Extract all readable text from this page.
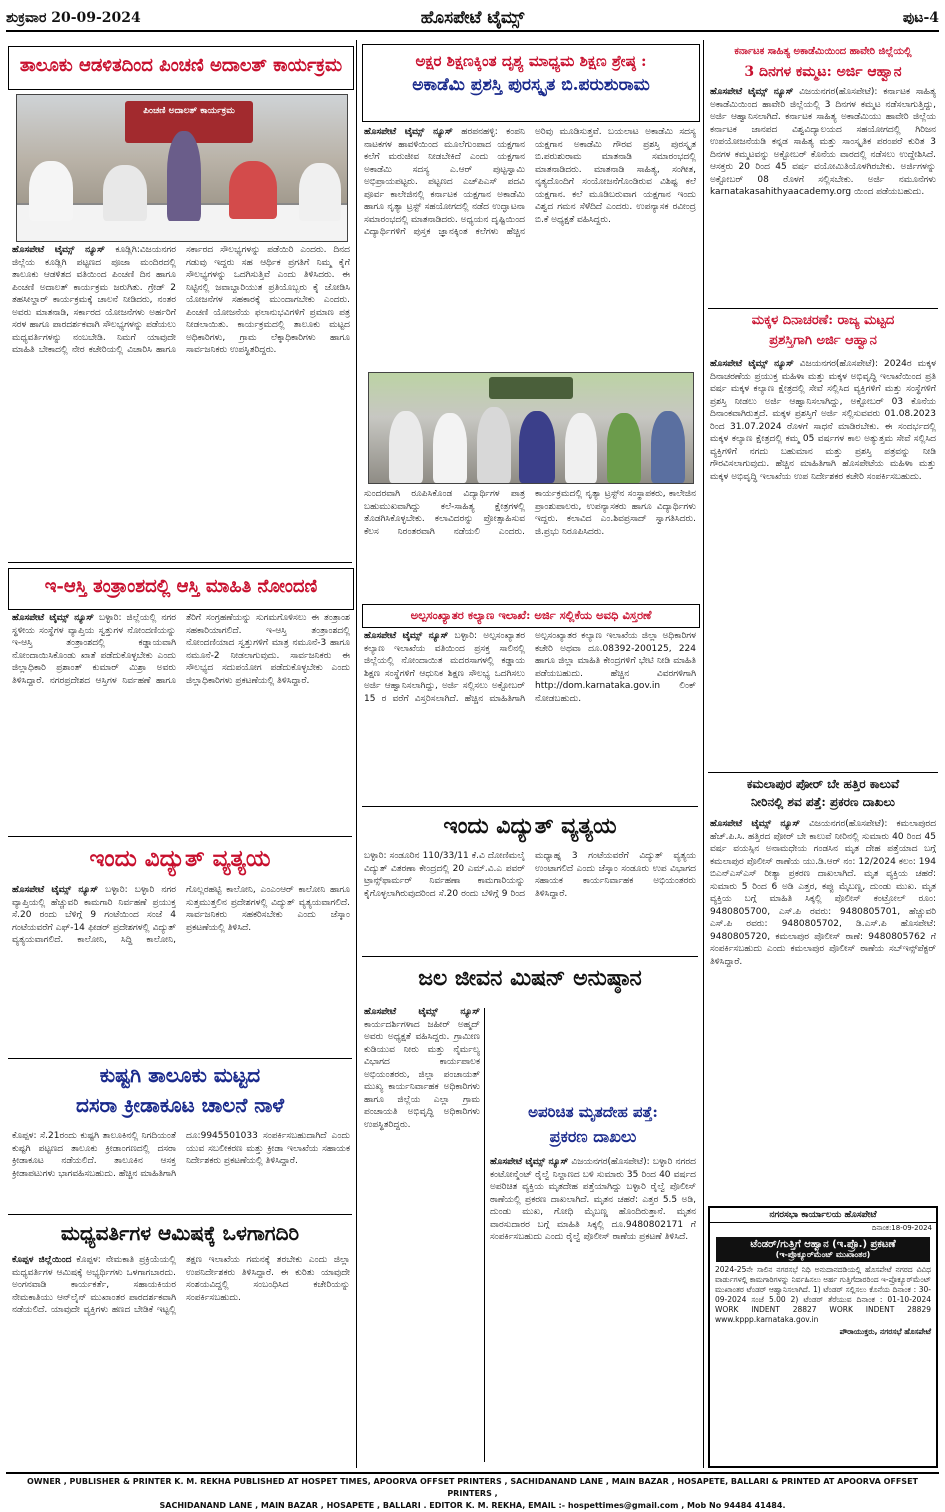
ಶುಕ್ರವಾರ 20-09-2024	ಹೊಸಪೇಟೆ ಟೈಮ್ಸ್	ಪುಟ-4
ತಾಲೂಕು ಆಡಳಿತದಿಂದ ಪಿಂಚಣಿ ಅದಾಲತ್ ಕಾರ್ಯಕ್ರಮ
ಪಿಂಚಣಿ ಅದಾಲತ್ ಕಾರ್ಯಕ್ರಮ
ಹೊಸಪೇಟೆ ಟೈಮ್ಸ್ ನ್ಯೂಸ್ ಕೂಡ್ಲಿಗಿ:ವಿಜಯನಗರ ಜಿಲ್ಲೆಯ ಕೂಡ್ಲಿಗಿ ಪಟ್ಟಣದ ಪೂಜಾ ಮಂದಿರದಲ್ಲಿ ತಾಲೂಕು ಆಡಳಿತದ ವತಿಯಿಂದ ಪಿಂಚಣಿ ದಿನ ಹಾಗೂ ಪಿಂಚಣಿ ಅದಾಲತ್ ಕಾರ್ಯಕ್ರಮ ಜರುಗಿತು. ಗ್ರೇಡ್ 2 ತಹಸೀಲ್ದಾರ್ ಕಾರ್ಯಕ್ರಮಕ್ಕೆ ಚಾಲನೆ ನೀಡಿದರು, ನಂತರ ಅವರು ಮಾತನಾಡಿ, ಸರ್ಕಾರದ ಯೋಜನೆಗಳು ಅರ್ಹರಿಗೆ ಸರಳ ಹಾಗೂ ಪಾರದರ್ಶಕವಾಗಿ ಸೌಲಭ್ಯಗಳನ್ನು ಪಡೆಯಲು ಮಧ್ಯವರ್ತಿಗಳನ್ನು ನಂಬಬೇಡಿ. ನಿಮಗೆ ಯಾವುದೇ ಮಾಹಿತಿ ಬೇಕಾದಲ್ಲಿ ನೇರ ಕಚೇರಿಯಲ್ಲಿ ವಿಚಾರಿಸಿ ಹಾಗೂ ಸರ್ಕಾರದ ಸೌಲಭ್ಯಗಳನ್ನು ಪಡೆಯಿರಿ ಎಂದರು. ದಿನದ ಗಡುವು ಇದ್ದರು ಸಹ ಆರ್ಥಿಕ ಪ್ರಗತಿಗೆ ನಿಮ್ಮ ಕೈಗೆ ಸೌಲಭ್ಯಗಳನ್ನು ಒದಗಿಸುತ್ತಿವೆ ಎಂದು ತಿಳಿಸಿದರು. ಈ ನಿಟ್ಟಿನಲ್ಲಿ ಜವಾಬ್ದಾರಿಯುತ ಪ್ರತಿಯೊಬ್ಬರು ಕೈ ಜೋಡಿಸಿ ಯೋಜನೆಗಳ ಸಹಕಾರಕ್ಕೆ ಮುಂದಾಗಬೇಕು ಎಂದರು. ಪಿಂಚಣಿ ಯೋಜನೆಯ ಫಲಾನುಭವಿಗಳಿಗೆ ಪ್ರಮಾಣ ಪತ್ರ ನೀಡಲಾಯಿತು. ಕಾರ್ಯಕ್ರಮದಲ್ಲಿ ತಾಲೂಕು ಮಟ್ಟದ ಅಧಿಕಾರಿಗಳು, ಗ್ರಾಮ ಲೆಕ್ಕಾಧಿಕಾರಿಗಳು ಹಾಗೂ ಸಾರ್ವಜನಿಕರು ಉಪಸ್ಥಿತರಿದ್ದರು.
ಇ-ಆಸ್ತಿ ತಂತ್ರಾಂಶದಲ್ಲಿ ಆಸ್ತಿ ಮಾಹಿತಿ ನೋಂದಣಿ
ಹೊಸಪೇಟೆ ಟೈಮ್ಸ್ ನ್ಯೂಸ್ ಬಳ್ಳಾರಿ: ಜಿಲ್ಲೆಯಲ್ಲಿ ನಗರ ಸ್ಥಳೀಯ ಸಂಸ್ಥೆಗಳ ವ್ಯಾಪ್ತಿಯ ಸ್ವತ್ತುಗಳ ನೋಂದಣಿಯನ್ನು ಇ-ಆಸ್ತಿ ತಂತ್ರಾಂಶದಲ್ಲಿ ಕಡ್ಡಾಯವಾಗಿ ನೋಂದಾಯಿಸಿಕೊಂಡು ಖಾತೆ ಪಡೆದುಕೊಳ್ಳಬೇಕು ಎಂದು ಜಿಲ್ಲಾಧಿಕಾರಿ ಪ್ರಶಾಂತ್ ಕುಮಾರ್ ಮಿಶ್ರಾ ಅವರು ತಿಳಿಸಿದ್ದಾರೆ. ನಗರಪ್ರದೇಶದ ಆಸ್ತಿಗಳ ನಿರ್ವಹಣೆ ಹಾಗೂ ತೆರಿಗೆ ಸಂಗ್ರಹಣೆಯನ್ನು ಸುಗಮಗೊಳಿಸಲು ಈ ತಂತ್ರಾಂಶ ಸಹಕಾರಿಯಾಗಲಿದೆ. ಇ-ಆಸ್ತಿ ತಂತ್ರಾಂಶದಲ್ಲಿ ನೋಂದಣಿಯಾದ ಸ್ವತ್ತುಗಳಿಗೆ ಮಾತ್ರ ನಮೂನೆ-3 ಹಾಗೂ ನಮೂನೆ-2 ನೀಡಲಾಗುವುದು. ಸಾರ್ವಜನಿಕರು ಈ ಸೌಲಭ್ಯದ ಸದುಪಯೋಗ ಪಡೆದುಕೊಳ್ಳಬೇಕು ಎಂದು ಜಿಲ್ಲಾಧಿಕಾರಿಗಳು ಪ್ರಕಟಣೆಯಲ್ಲಿ ತಿಳಿಸಿದ್ದಾರೆ.
ಇಂದು ವಿದ್ಯುತ್ ವ್ಯತ್ಯಯ
ಹೊಸಪೇಟೆ ಟೈಮ್ಸ್ ನ್ಯೂಸ್ ಬಳ್ಳಾರಿ: ಬಳ್ಳಾರಿ ನಗರ ವ್ಯಾಪ್ತಿಯಲ್ಲಿ ಹೆಚ್ಚುವರಿ ಕಾಮಗಾರಿ ನಿರ್ವಹಣೆ ಪ್ರಯುಕ್ತ ಸೆ.20 ರಂದು ಬೆಳಿಗ್ಗೆ 9 ಗಂಟೆಯಿಂದ ಸಂಜೆ 4 ಗಂಟೆಯವರೆಗೆ ಎಫ್-14 ಫೀಡರ್ ಪ್ರದೇಶಗಳಲ್ಲಿ ವಿದ್ಯುತ್ ವ್ಯತ್ಯಯವಾಗಲಿದೆ. ಕಾಲೋನಿ, ಸಿದ್ದಿ ಕಾಲೋನಿ, ಗೊಲ್ಲರಹಟ್ಟಿ ಕಾಲೋನಿ, ಎಂಎಂಆರ್ ಕಾಲೋನಿ ಹಾಗೂ ಸುತ್ತಮುತ್ತಲಿನ ಪ್ರದೇಶಗಳಲ್ಲಿ ವಿದ್ಯುತ್ ವ್ಯತ್ಯಯವಾಗಲಿದೆ. ಸಾರ್ವಜನಿಕರು ಸಹಕರಿಸಬೇಕು ಎಂದು ಜೆಸ್ಕಾಂ ಪ್ರಕಟಣೆಯಲ್ಲಿ ತಿಳಿಸಿದೆ.
ಕುಷ್ಟಗಿ ತಾಲೂಕು ಮಟ್ಟದ
ದಸರಾ ಕ್ರೀಡಾಕೂಟ ಚಾಲನೆ ನಾಳೆ
ಕೊಪ್ಪಳ: ಸೆ.21ರಂದು ಕುಷ್ಟಗಿ ತಾಲೂಕಿನಲ್ಲಿ ನಿಗದಿಯಂತೆ ಕುಷ್ಟಗಿ ಪಟ್ಟಣದ ತಾಲೂಕು ಕ್ರೀಡಾಂಗಣದಲ್ಲಿ ದಸರಾ ಕ್ರೀಡಾಕೂಟ ನಡೆಯಲಿದೆ. ತಾಲೂಕಿನ ಆಸಕ್ತ ಕ್ರೀಡಾಪಟುಗಳು ಭಾಗವಹಿಸಬಹುದು. ಹೆಚ್ಚಿನ ಮಾಹಿತಿಗಾಗಿ ದೂ:9945501033 ಸಂಪರ್ಕಿಸಬಹುದಾಗಿದೆ ಎಂದು ಯುವ ಸಬಲೀಕರಣ ಮತ್ತು ಕ್ರೀಡಾ ಇಲಾಖೆಯ ಸಹಾಯಕ ನಿರ್ದೇಶಕರು ಪ್ರಕಟಣೆಯಲ್ಲಿ ತಿಳಿಸಿದ್ದಾರೆ.
ಮಧ್ಯವರ್ತಿಗಳ ಆಮಿಷಕ್ಕೆ ಒಳಗಾಗದಿರಿ
ಕೊಪ್ಪಳ ಜಿಲ್ಲೆಯಿಂದ ಕೊಪ್ಪಳ: ನೇಮಕಾತಿ ಪ್ರಕ್ರಿಯೆಯಲ್ಲಿ ಮಧ್ಯವರ್ತಿಗಳ ಆಮಿಷಕ್ಕೆ ಅಭ್ಯರ್ಥಿಗಳು ಒಳಗಾಗಬಾರದು. ಅಂಗನವಾಡಿ ಕಾರ್ಯಕರ್ತೆ, ಸಹಾಯಕಿಯರ ನೇಮಕಾತಿಯು ಆನ್‌ಲೈನ್ ಮುಖಾಂತರ ಪಾರದರ್ಶಕವಾಗಿ ನಡೆಯಲಿದೆ. ಯಾವುದೇ ವ್ಯಕ್ತಿಗಳು ಹಣದ ಬೇಡಿಕೆ ಇಟ್ಟಲ್ಲಿ ತಕ್ಷಣ ಇಲಾಖೆಯ ಗಮನಕ್ಕೆ ತರಬೇಕು ಎಂದು ಜಿಲ್ಲಾ ಉಪನಿರ್ದೇಶಕರು ತಿಳಿಸಿದ್ದಾರೆ. ಈ ಕುರಿತು ಯಾವುದೇ ಸಂಶಯವಿದ್ದಲ್ಲಿ ಸಂಬಂಧಿಸಿದ ಕಚೇರಿಯನ್ನು ಸಂಪರ್ಕಿಸಬಹುದು.
ಅಕ್ಷರ ಶಿಕ್ಷಣಕ್ಕಿಂತ ದೃಶ್ಯ ಮಾಧ್ಯಮ ಶಿಕ್ಷಣ ಶ್ರೇಷ್ಠ :
ಅಕಾಡೆಮಿ ಪ್ರಶಸ್ತಿ ಪುರಸ್ಕೃತ ಬಿ.ಪರುಶುರಾಮ
ಹೊಸಪೇಟೆ ಟೈಮ್ಸ್ ನ್ಯೂಸ್ ಹರಪನಹಳ್ಳಿ: ಕಂಪನಿ ನಾಟಕಗಳ ಹಾವಳಿಯಿಂದ ಮೂಲೆಗುಂಪಾದ ಯಕ್ಷಗಾನ ಕಲೆಗೆ ಮರುಜೀವ ನೀಡಬೇಕಿದೆ ಎಂದು ಯಕ್ಷಗಾನ ಅಕಾಡೆಮಿ ಸದಸ್ಯ ಎ.ಆರ್ ಪುಟ್ಟಸ್ವಾಮಿ ಅಭಿಪ್ರಾಯಪಟ್ಟರು. ಪಟ್ಟಣದ ಎಚ್‌ಪಿಎಸ್ ಪದವಿ ಪೂರ್ವ ಕಾಲೇಜಿನಲ್ಲಿ ಕರ್ನಾಟಕ ಯಕ್ಷಗಾನ ಅಕಾಡೆಮಿ ಹಾಗೂ ನೃತ್ಯಾ ಟ್ರಸ್ಟ್ ಸಹಯೋಗದಲ್ಲಿ ನಡೆದ ಉದ್ಘಾಟನಾ ಸಮಾರಂಭದಲ್ಲಿ ಮಾತನಾಡಿದರು. ಅಧ್ಯಯನ ದೃಷ್ಟಿಯಿಂದ ವಿದ್ಯಾರ್ಥಿಗಳಿಗೆ ಪುಸ್ತಕ ಜ್ಞಾನಕ್ಕಿಂತ ಕಲೆಗಳು ಹೆಚ್ಚಿನ ಅರಿವು ಮೂಡಿಸುತ್ತವೆ. ಬಯಲಾಟ ಅಕಾಡೆಮಿ ಸದಸ್ಯ ಯಕ್ಷಗಾನ ಅಕಾಡೆಮಿ ಗೌರವ ಪ್ರಶಸ್ತಿ ಪುರಸ್ಕೃತ ಬಿ.ಪರುಶುರಾಮ ಮಾತನಾಡಿ ಸಮಾರಂಭದಲ್ಲಿ ಮಾತನಾಡಿದರು. ಮಾತನಾಡಿ ಸಾಹಿತ್ಯ, ಸಂಗೀತ, ನೃತ್ಯದೊಂದಿಗೆ ಸಂಯೋಜನೆಗೊಂಡಿರುವ ವಿಶಿಷ್ಟ ಕಲೆ ಯಕ್ಷಗಾನ. ಕಲೆ ಮೂಡಿಬರುವಾಗ ಯಕ್ಷಗಾನ ಇಂದು ವಿಶ್ವದ ಗಮನ ಸೆಳೆದಿದೆ ಎಂದರು. ಉಪನ್ಯಾಸಕ ರವೀಂದ್ರ ಬಿ.ಕೆ ಅಧ್ಯಕ್ಷತೆ ವಹಿಸಿದ್ದರು.
ಸುಂದರವಾಗಿ ರೂಪಿಸಿಕೊಂಡ ವಿದ್ಯಾರ್ಥಿಗಳ ಪಾತ್ರ ಬಹುಮುಖವಾಗಿದ್ದು ಕಲೆ-ಸಾಹಿತ್ಯ ಕ್ಷೇತ್ರಗಳಲ್ಲಿ ತೊಡಗಿಸಿಕೊಳ್ಳಬೇಕು. ಕಲಾವಿದರನ್ನು ಪ್ರೋತ್ಸಾಹಿಸುವ ಕೆಲಸ ನಿರಂತರವಾಗಿ ನಡೆಯಲಿ ಎಂದರು. ಕಾರ್ಯಕ್ರಮದಲ್ಲಿ ನೃತ್ಯಾ ಟ್ರಸ್ಟ್‌ನ ಸಂಸ್ಥಾಪಕರು, ಕಾಲೇಜಿನ ಪ್ರಾಂಶುಪಾಲರು, ಉಪನ್ಯಾಸಕರು ಹಾಗೂ ವಿದ್ಯಾರ್ಥಿಗಳು ಇದ್ದರು. ಕಲಾವಿದ ಎಂ.ಶಿವಪ್ರಸಾದ್ ಸ್ವಾಗತಿಸಿದರು. ಜಿ.ಪ್ರಭು ನಿರೂಪಿಸಿದರು.
ಅಲ್ಪಸಂಖ್ಯಾತರ ಕಲ್ಯಾಣ ಇಲಾಖೆ: ಅರ್ಜಿ ಸಲ್ಲಿಕೆಯ ಅವಧಿ ವಿಸ್ತರಣೆ
ಹೊಸಪೇಟೆ ಟೈಮ್ಸ್ ನ್ಯೂಸ್ ಬಳ್ಳಾರಿ: ಅಲ್ಪಸಂಖ್ಯಾತರ ಕಲ್ಯಾಣ ಇಲಾಖೆಯ ವತಿಯಿಂದ ಪ್ರಸಕ್ತ ಸಾಲಿನಲ್ಲಿ ಜಿಲ್ಲೆಯಲ್ಲಿ ನೋಂದಾಯಿತ ಮದರಸಾಗಳಲ್ಲಿ ಕಡ್ಡಾಯ ಶಿಕ್ಷಣ ಸಂಸ್ಥೆಗಳಿಗೆ ಆಧುನಿಕ ಶಿಕ್ಷಣ ಸೌಲಭ್ಯ ಒದಗಿಸಲು ಅರ್ಜಿ ಆಹ್ವಾನಿಸಲಾಗಿದ್ದು, ಅರ್ಜಿ ಸಲ್ಲಿಸಲು ಅಕ್ಟೋಬರ್ 15 ರ ವರೆಗೆ ವಿಸ್ತರಿಸಲಾಗಿದೆ. ಹೆಚ್ಚಿನ ಮಾಹಿತಿಗಾಗಿ ಅಲ್ಪಸಂಖ್ಯಾತರ ಕಲ್ಯಾಣ ಇಲಾಖೆಯ ಜಿಲ್ಲಾ ಅಧಿಕಾರಿಗಳ ಕಚೇರಿ ಅಥವಾ ದೂ.08392-200125, 224 ಹಾಗೂ ಜಿಲ್ಲಾ ಮಾಹಿತಿ ಕೇಂದ್ರಗಳಿಗೆ ಭೇಟಿ ನೀಡಿ ಮಾಹಿತಿ ಪಡೆಯಬಹುದು. ಹೆಚ್ಚಿನ ವಿವರಗಳಿಗಾಗಿ http://dom.karnataka.gov.in ಲಿಂಕ್ ನೋಡಬಹುದು.
ಇಂದು ವಿದ್ಯುತ್ ವ್ಯತ್ಯಯ
ಬಳ್ಳಾರಿ: ಸಂಡೂರಿನ 110/33/11 ಕೆ.ವಿ ದೋಣಿಮಲೈ ವಿದ್ಯುತ್ ವಿತರಣಾ ಕೇಂದ್ರದಲ್ಲಿ 20 ಎಮ್.ವಿ.ಎ ಪವರ್ ಟ್ರಾನ್ಸ್‌ಫಾರ್ಮರ್ ನಿರ್ವಹಣಾ ಕಾಮಗಾರಿಯನ್ನು ಕೈಗೊಳ್ಳಲಾಗಿರುವುದರಿಂದ ಸೆ.20 ರಂದು ಬೆಳಿಗ್ಗೆ 9 ರಿಂದ ಮಧ್ಯಾಹ್ನ 3 ಗಂಟೆಯವರೆಗೆ ವಿದ್ಯುತ್ ವ್ಯತ್ಯಯ ಉಂಟಾಗಲಿದೆ ಎಂದು ಜೆಸ್ಕಾಂ ಸಂಡೂರು ಉಪ ವಿಭಾಗದ ಸಹಾಯಕ ಕಾರ್ಯನಿರ್ವಾಹಕ ಅಭಿಯಂತರರು ತಿಳಿಸಿದ್ದಾರೆ.
ಜಲ ಜೀವನ ಮಿಷನ್ ಅನುಷ್ಠಾನ
ಹೊಸಪೇಟೆ ಟೈಮ್ಸ್ ನ್ಯೂಸ್ ಕಾರ್ಯದರ್ಶಿಗಳಾದ ಜಹೀರ್ ಅಹ್ಮದ್ ಅವರು ಅಧ್ಯಕ್ಷತೆ ವಹಿಸಿದ್ದರು. ಗ್ರಾಮೀಣ ಕುಡಿಯುವ ನೀರು ಮತ್ತು ನೈರ್ಮಲ್ಯ ವಿಭಾಗದ ಕಾರ್ಯಪಾಲಕ ಅಭಿಯಂತರರು, ಜಿಲ್ಲಾ ಪಂಚಾಯತ್ ಮುಖ್ಯ ಕಾರ್ಯನಿರ್ವಾಹಕ ಅಧಿಕಾರಿಗಳು ಹಾಗೂ ಜಿಲ್ಲೆಯ ಎಲ್ಲಾ ಗ್ರಾಮ ಪಂಚಾಯತಿ ಅಭಿವೃದ್ಧಿ ಅಧಿಕಾರಿಗಳು ಉಪಸ್ಥಿತರಿದ್ದರು.
ಅಪರಿಚಿತ ಮೃತದೇಹ ಪತ್ತೆ:
ಪ್ರಕರಣ ದಾಖಲು
ಹೊಸಪೇಟೆ ಟೈಮ್ಸ್ ನ್ಯೂಸ್ ವಿಜಯನಗರ(ಹೊಸಪೇಟೆ): ಬಳ್ಳಾರಿ ನಗರದ ಕಂಟೋನ್ಮೆಂಟ್ ರೈಲ್ವೆ ನಿಲ್ದಾಣದ ಬಳಿ ಸುಮಾರು 35 ರಿಂದ 40 ವರ್ಷದ ಅಪರಿಚಿತ ವ್ಯಕ್ತಿಯ ಮೃತದೇಹ ಪತ್ತೆಯಾಗಿದ್ದು ಬಳ್ಳಾರಿ ರೈಲ್ವೆ ಪೊಲೀಸ್ ಠಾಣೆಯಲ್ಲಿ ಪ್ರಕರಣ ದಾಖಲಾಗಿದೆ. ಮೃತನ ಚಹರೆ: ಎತ್ತರ 5.5 ಅಡಿ, ದುಂಡು ಮುಖ, ಗೋಧಿ ಮೈಬಣ್ಣ ಹೊಂದಿರುತ್ತಾನೆ. ಮೃತನ ವಾರಸುದಾರರ ಬಗ್ಗೆ ಮಾಹಿತಿ ಸಿಕ್ಕಲ್ಲಿ ದೂ.9480802171 ಗೆ ಸಂಪರ್ಕಿಸಬಹುದು ಎಂದು ರೈಲ್ವೆ ಪೊಲೀಸ್ ಠಾಣೆಯ ಪ್ರಕಟಣೆ ತಿಳಿಸಿದೆ.
ಕರ್ನಾಟಕ ಸಾಹಿತ್ಯ ಅಕಾಡೆಮಿಯಿಂದ ಹಾವೇರಿ ಜಿಲ್ಲೆಯಲ್ಲಿ
3 ದಿನಗಳ ಕಮ್ಮಟ: ಅರ್ಜಿ ಆಹ್ವಾನ
ಹೊಸಪೇಟೆ ಟೈಮ್ಸ್ ನ್ಯೂಸ್ ವಿಜಯನಗರ(ಹೊಸಪೇಟೆ): ಕರ್ನಾಟಕ ಸಾಹಿತ್ಯ ಅಕಾಡೆಮಿಯಿಂದ ಹಾವೇರಿ ಜಿಲ್ಲೆಯಲ್ಲಿ 3 ದಿನಗಳ ಕಮ್ಮಟ ನಡೆಸಲಾಗುತ್ತಿದ್ದು, ಅರ್ಜಿ ಆಹ್ವಾನಿಸಲಾಗಿದೆ. ಕರ್ನಾಟಕ ಸಾಹಿತ್ಯ ಅಕಾಡೆಮಿಯು ಹಾವೇರಿ ಜಿಲ್ಲೆಯ ಕರ್ನಾಟಕ ಜಾನಪದ ವಿಶ್ವವಿದ್ಯಾಲಯದ ಸಹಯೋಗದಲ್ಲಿ ಗಿರಿಜನ ಉಪಯೋಜನೆಯಡಿ ಕನ್ನಡ ಸಾಹಿತ್ಯ ಮತ್ತು ಸಾಂಸ್ಕೃತಿಕ ಪರಂಪರೆ ಕುರಿತ 3 ದಿನಗಳ ಕಮ್ಮಟವನ್ನು ಅಕ್ಟೋಬರ್ ಕೊನೆಯ ವಾರದಲ್ಲಿ ನಡೆಸಲು ಉದ್ದೇಶಿಸಿದೆ. ಆಸಕ್ತರು 20 ರಿಂದ 45 ವರ್ಷ ವಯೋಮಿತಿಯೊಳಗಿರಬೇಕು. ಅರ್ಜಿಗಳನ್ನು ಅಕ್ಟೋಬರ್ 08 ರೊಳಗೆ ಸಲ್ಲಿಸಬೇಕು. ಅರ್ಜಿ ನಮೂನೆಗಳು karnatakasahithyaacademy.org ಯಿಂದ ಪಡೆಯಬಹುದು.
ಮಕ್ಕಳ ದಿನಾಚರಣೆ: ರಾಜ್ಯ ಮಟ್ಟದ
ಪ್ರಶಸ್ತಿಗಾಗಿ ಅರ್ಜಿ ಆಹ್ವಾನ
ಹೊಸಪೇಟೆ ಟೈಮ್ಸ್ ನ್ಯೂಸ್ ವಿಜಯನಗರ(ಹೊಸಪೇಟೆ): 2024ರ ಮಕ್ಕಳ ದಿನಾಚರಣೆಯ ಪ್ರಯುಕ್ತ ಮಹಿಳಾ ಮತ್ತು ಮಕ್ಕಳ ಅಭಿವೃದ್ಧಿ ಇಲಾಖೆಯಿಂದ ಪ್ರತಿ ವರ್ಷ ಮಕ್ಕಳ ಕಲ್ಯಾಣ ಕ್ಷೇತ್ರದಲ್ಲಿ ಸೇವೆ ಸಲ್ಲಿಸಿದ ವ್ಯಕ್ತಿಗಳಿಗೆ ಮತ್ತು ಸಂಸ್ಥೆಗಳಿಗೆ ಪ್ರಶಸ್ತಿ ನೀಡಲು ಅರ್ಜಿ ಆಹ್ವಾನಿಸಲಾಗಿದ್ದು, ಅಕ್ಟೋಬರ್ 03 ಕೊನೆಯ ದಿನಾಂಕವಾಗಿರುತ್ತದೆ. ಮಕ್ಕಳ ಪ್ರಶಸ್ತಿಗೆ ಅರ್ಜಿ ಸಲ್ಲಿಸುವವರು 01.08.2023 ರಿಂದ 31.07.2024 ರೊಳಗೆ ಸಾಧನೆ ಮಾಡಿರಬೇಕು. ಈ ಸಂದರ್ಭದಲ್ಲಿ ಮಕ್ಕಳ ಕಲ್ಯಾಣ ಕ್ಷೇತ್ರದಲ್ಲಿ ಕಮ್ಮ 05 ವರ್ಷಗಳ ಕಾಲ ಅತ್ಯುತ್ತಮ ಸೇವೆ ಸಲ್ಲಿಸಿದ ವ್ಯಕ್ತಿಗಳಿಗೆ ನಗದು ಬಹುಮಾನ ಮತ್ತು ಪ್ರಶಸ್ತಿ ಪತ್ರವನ್ನು ನೀಡಿ ಗೌರವಿಸಲಾಗುವುದು. ಹೆಚ್ಚಿನ ಮಾಹಿತಿಗಾಗಿ ಹೊಸಪೇಟೆಯ ಮಹಿಳಾ ಮತ್ತು ಮಕ್ಕಳ ಅಭಿವೃದ್ಧಿ ಇಲಾಖೆಯ ಉಪ ನಿರ್ದೇಶಕರ ಕಚೇರಿ ಸಂಪರ್ಕಿಸಬಹುದು.
ಕಮಲಾಪುರ ಪೋರ್ ಬೇ ಹತ್ತಿರ ಕಾಲುವೆ
ನೀರಿನಲ್ಲಿ ಶವ ಪತ್ತೆ: ಪ್ರಕರಣ ದಾಖಲು
ಹೊಸಪೇಟೆ ಟೈಮ್ಸ್ ನ್ಯೂಸ್ ವಿಜಯನಗರ(ಹೊಸಪೇಟೆ): ಕಮಲಾಪುರದ ಹೆಚ್.ಪಿ.ಸಿ. ಹತ್ತಿರದ ಪೋರ್ ಬೇ ಕಾಲುವೆ ನೀರಿನಲ್ಲಿ ಸುಮಾರು 40 ರಿಂದ 45 ವರ್ಷ ವಯಸ್ಸಿನ ಅನಾಮಧೇಯ ಗಂಡಸಿನ ಮೃತ ದೇಹ ಪತ್ತೆಯಾದ ಬಗ್ಗೆ ಕಮಲಾಪುರ ಪೊಲೀಸ್ ಠಾಣೆಯ ಯು.ಡಿ.ಆರ್ ನಂ: 12/2024 ಕಲಂ: 194 ಬಿಎನ್‌ಎಸ್‌ಎಸ್ ರೀತ್ಯಾ ಪ್ರಕರಣ ದಾಖಲಾಗಿದೆ. ಮೃತ ವ್ಯಕ್ತಿಯ ಚಹರೆ: ಸುಮಾರು 5 ರಿಂದ 6 ಅಡಿ ಎತ್ತರ, ಕಪ್ಪು ಮೈಬಣ್ಣ, ದುಂಡು ಮುಖ. ಮೃತ ವ್ಯಕ್ತಿಯ ಬಗ್ಗೆ ಮಾಹಿತಿ ಸಿಕ್ಕಲ್ಲಿ ಪೊಲೀಸ್ ಕಂಟ್ರೋಲ್ ರೂಂ: 9480805700, ಎಸ್.ಪಿ ರವರು: 9480805701, ಹೆಚ್ಚುವರಿ ಎಸ್.ಪಿ ರವರು: 9480805702, ಡಿ.ಎಸ್.ಪಿ ಹೊಸಪೇಟೆ: 9480805720, ಕಮಲಾಪುರ ಪೊಲೀಸ್ ಠಾಣೆ: 9480805762 ಗೆ ಸಂಪರ್ಕಿಸಬಹುದು ಎಂದು ಕಮಲಾಪುರ ಪೊಲೀಸ್ ಠಾಣೆಯ ಸಬ್‌ಇನ್ಸ್‌ಪೆಕ್ಟರ್ ತಿಳಿಸಿದ್ದಾರೆ.
ನಗರಸಭಾ ಕಾರ್ಯಾಲಯ ಹೊಸಪೇಟೆ
ದಿನಾಂಕ:18-09-2024
ಟೆಂಡರ್/ಗುತ್ತಿಗೆ ಆಹ್ವಾನ (ಇ.ಪ್ರೊ.) ಪ್ರಕಟಣೆ
(ಇ-ಪ್ರೊಕ್ಯೂರ್‌ಮೆಂಟ್ ಮುಖಾಂತರ)
2024-25ನೇ ಸಾಲಿನ ನಗರಸಭೆ ನಿಧಿ ಅನುದಾನದಡಿಯಲ್ಲಿ ಹೊಸಪೇಟೆ ನಗರದ ವಿವಿಧ ವಾರ್ಡುಗಳಲ್ಲಿ ಕಾಮಗಾರಿಗಳನ್ನು ನಿರ್ವಹಿಸಲು ಅರ್ಹ ಗುತ್ತಿಗೆದಾರರಿಂದ ಇ-ಪ್ರೊಕ್ಯೂರ್‌ಮೆಂಟ್ ಮುಖಾಂತರ ಟೆಂಡರ್ ಆಹ್ವಾನಿಸಲಾಗಿದೆ. 1) ಟೆಂಡರ್ ಸಲ್ಲಿಸಲು ಕೊನೆಯ ದಿನಾಂಕ : 30-09-2024 ಸಂಜೆ 5.00 2) ಟೆಂಡರ್ ತೆರೆಯುವ ದಿನಾಂಕ : 01-10-2024 WORK INDENT 28827 WORK INDENT 28829 www.kppp.karnataka.gov.in
ಪೌರಾಯುಕ್ತರು, ನಗರಸಭೆ ಹೊಸಪೇಟೆ
OWNER , PUBLISHER & PRINTER K. M. REKHA PUBLISHED AT HOSPET TIMES, APOORVA OFFSET PRINTERS , SACHIDANAND LANE , MAIN BAZAR , HOSAPETE, BALLARI & PRINTED AT APOORVA OFFSET PRINTERS ,
SACHIDANAND LANE , MAIN BAZAR , HOSAPETE , BALLARI . EDITOR K. M. REKHA, EMAIL :- hospettimes@gmail.com , Mob No 94484 41484.
